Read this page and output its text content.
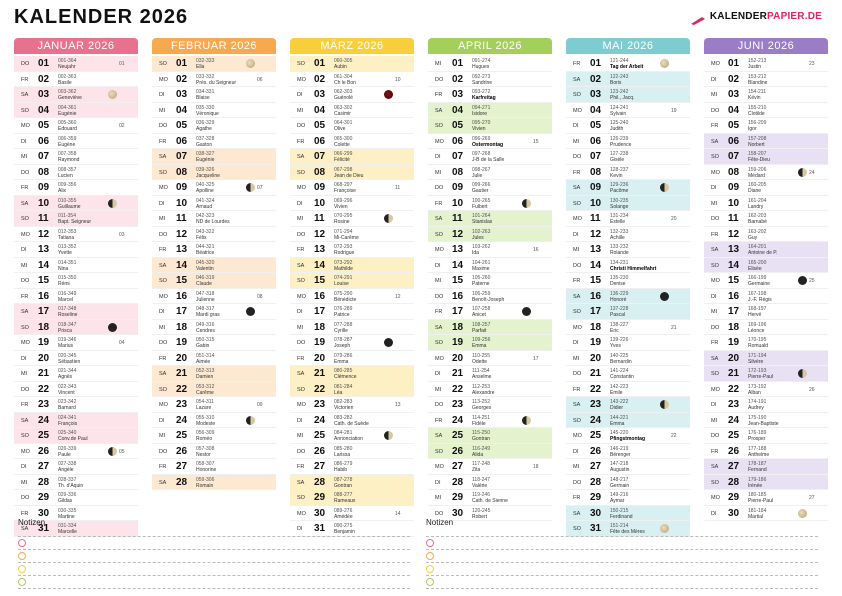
KALENDER 2026	KALENDERPAPIER.DE
JANUAR 2026
DO 01 001-364
Neujahr	01
FR 02 002-363
Basile
SA 03 003-362
Geneviève
SO 04 004-361
Eugénie
MO 05 005-360
Edouard	02
DI 06 006-359
Eugène
MI 07 007-358
Raymond
DO 08 008-357
Lucien
FR 09 009-356
Alix
SA 10 010-355
Guillaume
SO 11 011-354
Bapt. Seigneur
MO 12 012-353
Tatiana	03
DI 13 013-352
Yvette
MI 14 014-351
Nina
DO 15 015-350
Rémi
FR 16 016-349
Marcel
SA 17 017-348
Roseline
SO 18 018-347
Prisca
MO 19 019-346
Marius	04
DI 20 020-345
Sébastien
MI 21 021-344
Agnès
DO 22 022-343
Vincent
FR 23 023-342
Barnard
SA 24 024-341
François
SO 25 025-340
Conv.de Paul
MO 26 026-339
Paule	05
DI 27 027-338
Angèle
MI 28 028-337
Th. d'Aquin
DO 29 029-336
Gildas
FR 30 030-335
Martine
SA 31 031-334
Marcelle
FEBRUAR 2026
SO 01 032-333
Ella
MO 02 033-332
Prés. du Seigneur	06
DI 03 034-331
Blaise
MI 04 035-330
Véronique
DO 05 036-329
Agathe
FR 06 037-328
Gaston
SA 07 038-327
Eugénie
SO 08 039-326
Jacqueline
MO 09 040-325
Apolline	07
DI 10 041-324
Arnaud
MI 11 042-323
ND de Lourdes
DO 12 043-322
Félix
FR 13 044-321
Béatrice
SA 14 045-320
Valentin
SO 15 046-319
Claude
MO 16 047-318
Julienne	08
DI 17 048-317
Mardi gras
MI 18 049-316
Cendres
DO 19 050-315
Gabin
FR 20 051-314
Aimée
SA 21 052-313
Damien
SO 22 053-312
Carême
MO 23 054-311
Lazare	09
DI 24 055-310
Modeste
MI 25 056-309
Roméo
DO 26 057-308
Nestor
FR 27 058-307
Honorine
SA 28 059-306
Romain
MÄRZ 2026
SO 01 060-305
Aubin
MO 02 061-304
Ch le Bon	10
DI 03 062-303
Guénolé
MI 04 063-302
Casimir
DO 05 064-301
Olive
FR 06 065-300
Colette
SA 07 066-299
Félicité
SO 08 067-298
Jean de Dieu
MO 09 068-297
Françoise	11
DI 10 069-296
Vivien
MI 11 070-295
Rosine
DO 12 071-294
Mi-Carême
FR 13 072-293
Rodrigue
SA 14 073-292
Mathilde
SO 15 074-291
Louise
MO 16 075-290
Bénédicte	12
DI 17 076-289
Patrice
MI 18 077-288
Cyrille
DO 19 078-287
Joseph
FR 20 079-286
Emma
SA 21 080-285
Clémence
SO 22 081-284
Léa
MO 23 082-283
Victorien	13
DI 24 083-282
Cath. de Suède
MI 25 084-281
Annonciation
DO 26 085-280
Larissa
FR 27 086-279
Habib
SA 28 087-278
Gontran
SO 29 088-277
Rameaux
MO 30 089-276
Amédée	14
DI 31 090-275
Benjamin
APRIL 2026
MI 01 091-274
Hugues
DO 02 092-273
Sandrine
FR 03 093-272
Karfreitag
SA 04 094-271
Isidore
SO 05 095-270
Vivien
MO 06 096-269
Ostermontag	15
DI 07 097-268
J-B de la Salle
MI 08 098-267
Julie
DO 09 099-266
Gautier
FR 10 100-265
Fulbert
SA 11 101-264
Stanislas
SO 12 102-263
Jules
MO 13 103-262
Ida	16
DI 14 104-261
Maxime
MI 15 105-260
Paterne
DO 16 106-259
Benoît-Joseph
FR 17 107-258
Anicet
SA 18 108-257
Parfait
SO 19 109-256
Emma
MO 20 110-255
Odette	17
DI 21 111-254
Anselme
MI 22 112-253
Alexandre
DO 23 113-252
Georges
FR 24 114-251
Fidèle
SA 25 115-250
Gontran
SO 26 116-249
Alida
MO 27 117-248
Zita	18
DI 28 118-247
Valérie
MI 29 119-246
Cath. de Sienne
DO 30 120-245
Robert
MAI 2026
FR 01 121-244
Tag der Arbeit
SA 02 122-243
Boris
SO 03 123-242
Phil., Jacq.
MO 04 124-241
Sylvain	19
DI 05 125-240
Judith
MI 06 126-239
Prudence
DO 07 127-238
Gisèle
FR 08 128-237
Kevin
SA 09 129-236
Pacôme
SO 10 130-235
Solange
MO 11 131-234
Estelle	20
DI 12 132-233
Achille
MI 13 133-232
Rolande
DO 14 134-231
Christi Himmelfahrt
FR 15 135-230
Denise
SA 16 136-229
Honoré
SO 17 137-228
Pascal
MO 18 138-227
Eric	21
DI 19 139-226
Yves
MI 20 140-225
Bernardin
DO 21 141-224
Constantin
FR 22 142-223
Emile
SA 23 143-222
Didier
SO 24 144-221
Emma
MO 25 145-220
Pfingstmontag	22
DI 26 146-219
Bérenger
MI 27 147-218
Augustin
DO 28 148-217
Germain
FR 29 149-216
Aymar
SA 30 150-215
Ferdinand
SO 31 151-214
Fête des Mères
JUNI 2026
MO 01 152-213
Justin	23
DI 02 153-212
Blandine
MI 03 154-211
Kévin
DO 04 155-210
Clotilde
FR 05 156-209
Igor
SA 06 157-208
Norbert
SO 07 158-207
Fête-Dieu
MO 08 159-206
Médard	24
DI 09 160-205
Diane
MI 10 161-204
Landry
DO 11 162-203
Barnabé
FR 12 163-202
Guy
SA 13 164-201
Antoine de P.
SO 14 165-200
Elisée
MO 15 166-199
Germaine	25
DI 16 167-198
J.-F. Régis
MI 17 168-197
Hervé
DO 18 169-196
Léonce
FR 19 170-195
Romuald
SA 20 171-194
Silvère
SO 21 172-193
Pierre-Paul
MO 22 173-192
Alban	26
DI 23 174-191
Audrey
MI 24 175-190
Jean-Baptiste
DO 25 176-189
Prosper
FR 26 177-188
Anthelme
SA 27 178-187
Fernand
SO 28 179-186
Irénée
MO 29 180-185
Pierre-Paul	27
DI 30 181-184
Martial
Notizen	Notizen
